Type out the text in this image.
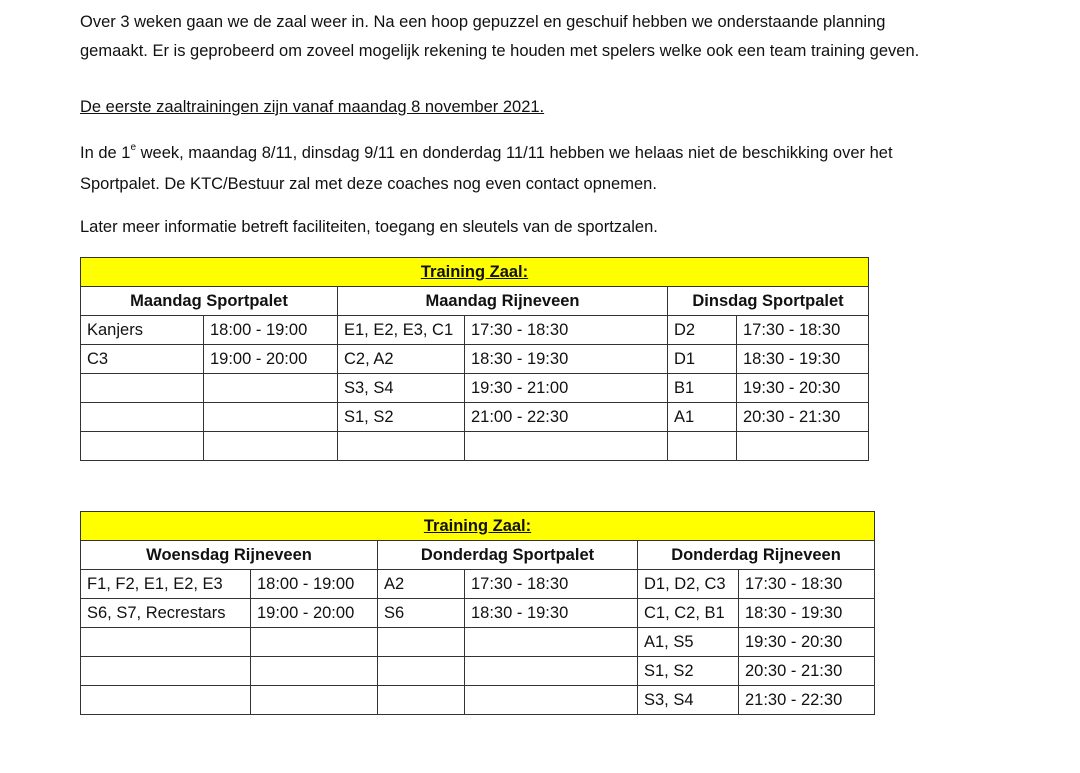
Over 3 weken gaan we de zaal weer in. Na een hoop gepuzzel en geschuif hebben we onderstaande planning

gemaakt. Er is geprobeerd om zoveel mogelijk rekening te houden met spelers welke ook een team training geven.

De eerste zaaltrainingen zijn vanaf maandag 8 november 2021.

In de 1e week, maandag 8/11, dinsdag 9/11 en donderdag 11/11 hebben we helaas niet de beschikking over het

Sportpalet. De KTC/Bestuur zal met deze coaches nog even contact opnemen.

Later meer informatie betreft faciliteiten, toegang en sleutels van de sportzalen.

Training Zaal:					
Maandag Sportpalet		Maandag Rijneveen		Dinsdag Sportpalet	
Kanjers	18:00 - 19:00	E1, E2, E3, C1	17:30 - 18:30	D2	17:30 - 18:30
C3	19:00 - 20:00	C2, A2	18:30 - 19:30	D1	18:30 - 19:30
		S3, S4	19:30 - 21:00	B1	19:30 - 20:30
		S1, S2	21:00 - 22:30	A1	20:30 - 21:30

Training Zaal:					
Woensdag Rijneveen		Donderdag Sportpalet		Donderdag Rijneveen	
F1, F2, E1, E2, E3	18:00 - 19:00	A2	17:30 - 18:30	D1, D2, C3	17:30 - 18:30
S6, S7, Recrestars	19:00 - 20:00	S6	18:30 - 19:30	C1, C2, B1	18:30 - 19:30
				A1, S5	19:30 - 20:30
				S1, S2	20:30 - 21:30
				S3, S4	21:30 - 22:30
